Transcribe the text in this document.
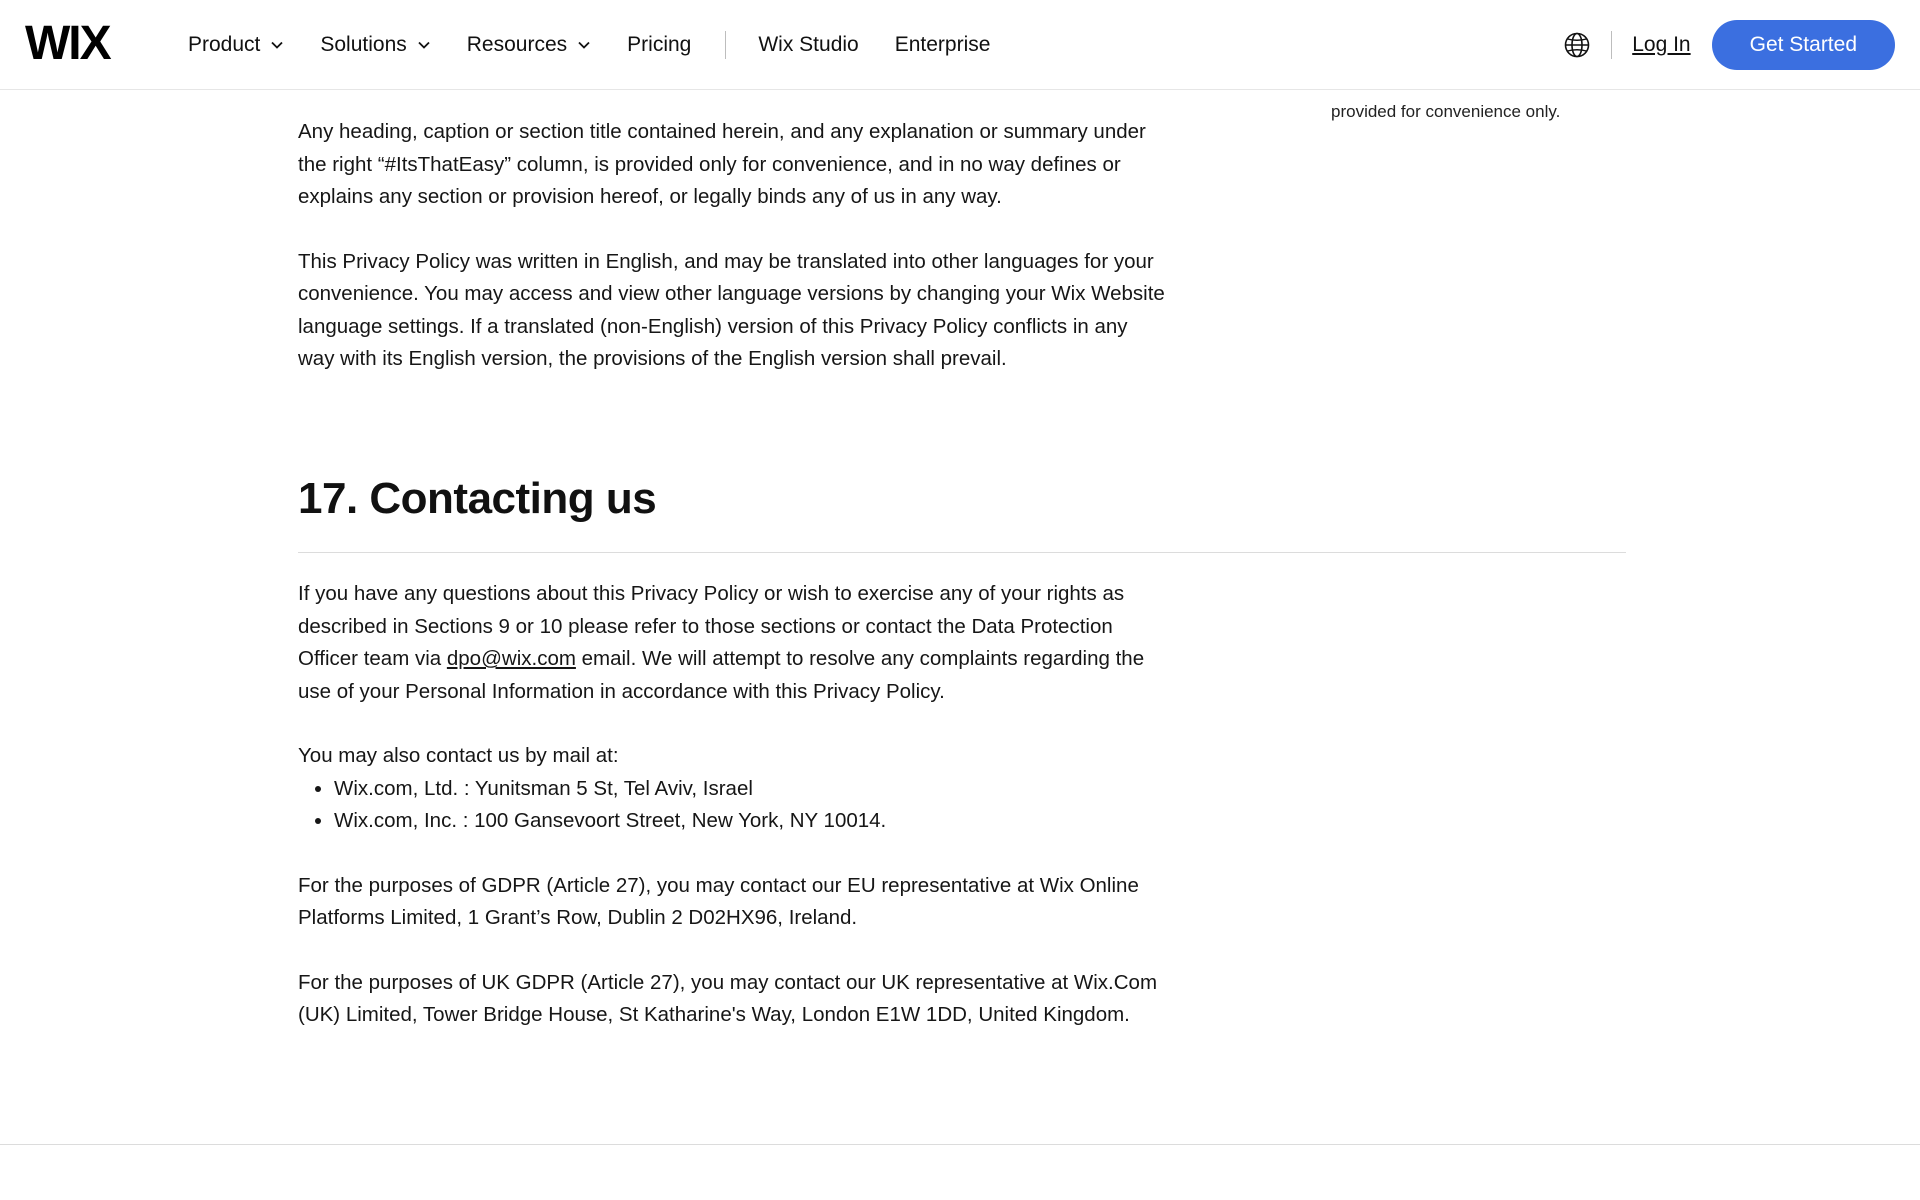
WIX	Product	Solutions	Resources	Pricing	Wix Studio Enterprise	Log In	Get Started
provided for convenience only.

Any heading, caption or section title contained herein, and any explanation or summary under the right “#ItsThatEasy” column, is provided only for convenience, and in no way defines or explains any section or provision hereof, or legally binds any of us in any way.

This Privacy Policy was written in English, and may be translated into other languages for your convenience. You may access and view other language versions by changing your Wix Website language settings. If a translated (non-English) version of this Privacy Policy conflicts in any way with its English version, the provisions of the English version shall prevail.

17. Contacting us

If you have any questions about this Privacy Policy or wish to exercise any of your rights as described in Sections 9 or 10 please refer to those sections or contact the Data Protection Officer team via dpo@wix.com email. We will attempt to resolve any complaints regarding the use of your Personal Information in accordance with this Privacy Policy.

You may also contact us by mail at:

• Wix.com, Ltd. : Yunitsman 5 St, Tel Aviv, Israel
• Wix.com, Inc. : 100 Gansevoort Street, New York, NY 10014.

For the purposes of GDPR (Article 27), you may contact our EU representative at Wix Online Platforms Limited, 1 Grant’s Row, Dublin 2 D02HX96, Ireland.

For the purposes of UK GDPR (Article 27), you may contact our UK representative at Wix.Com (UK) Limited, Tower Bridge House, St Katharine's Way, London E1W 1DD, United Kingdom.
